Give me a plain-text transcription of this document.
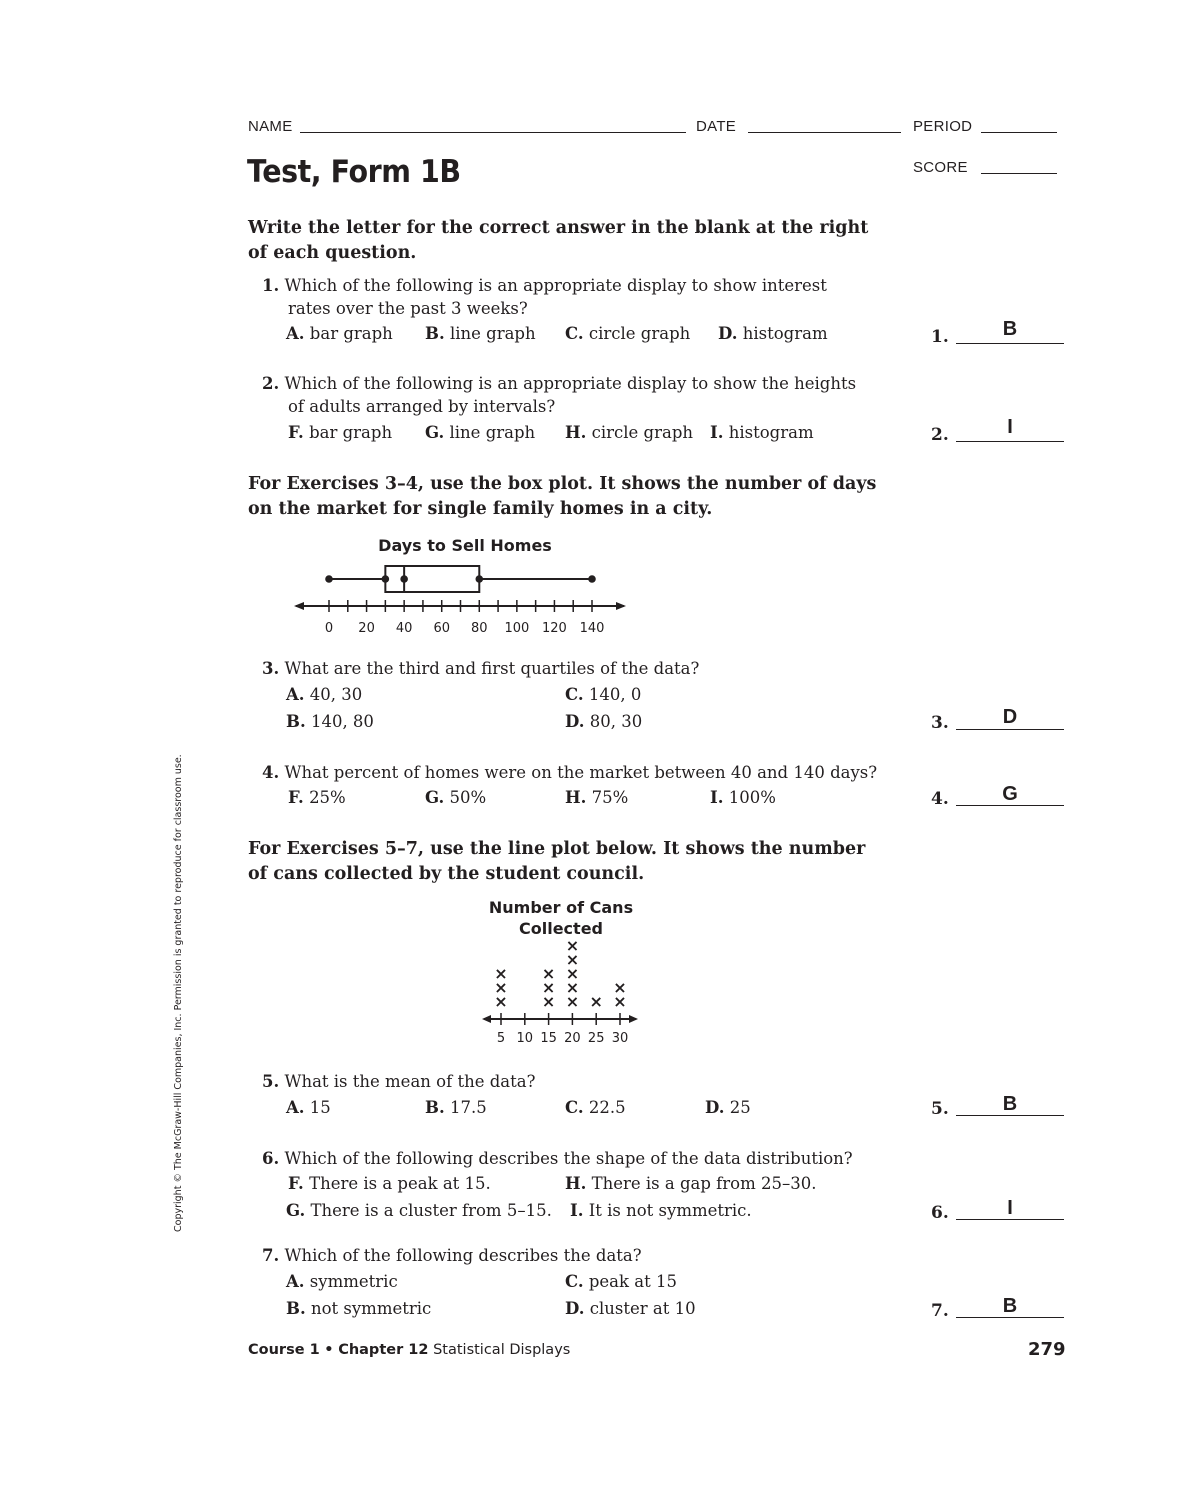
NAME	DATE	PERIOD
SCORE
Test, Form 1B
Write the letter for the correct answer in the blank at the right
of each question.
1. Which of the following is an appropriate display to show interest
rates over the past 3 weeks?
A. bar graph B. line graph C. circle graph D. histogram	1.	B
2. Which of the following is an appropriate display to show the heights
of adults arranged by intervals?
F. bar graph G. line graph H. circle graph I. histogram	2.	I
For Exercises 3–4, use the box plot. It shows the number of days
on the market for single family homes in a city.
Days to Sell Homes
0 20 40 60 80 100 120 140
3. What are the third and first quartiles of the data?
A. 40, 30	C. 140, 0
B. 140, 80	D. 80, 30	3.	D
4. What percent of homes were on the market between 40 and 140 days?
F. 25%	G. 50%	H. 75%	I. 100%	4.	G
For Exercises 5–7, use the line plot below. It shows the number
of cans collected by the student council.
Number of Cans
Collected
5
×
×
×
10 15
×
×
×
20
×
×
×
×
×
25
×
30
×
×
5. What is the mean of the data?
A. 15	B. 17.5	C. 22.5	D. 25	5.	B
6. Which of the following describes the shape of the data distribution?
F. There is a peak at 15.	H. There is a gap from 25–30.
G. There is a cluster from 5–15. I. It is not symmetric.	6.	I
7. Which of the following describes the data?
A. symmetric	C. peak at 15
B. not symmetric	D. cluster at 10	7.	B
Course 1 • Chapter 12 Statistical Displays	279
Copyright © The McGraw-Hill Companies, Inc. Permission is granted to reproduce for classroom use.
